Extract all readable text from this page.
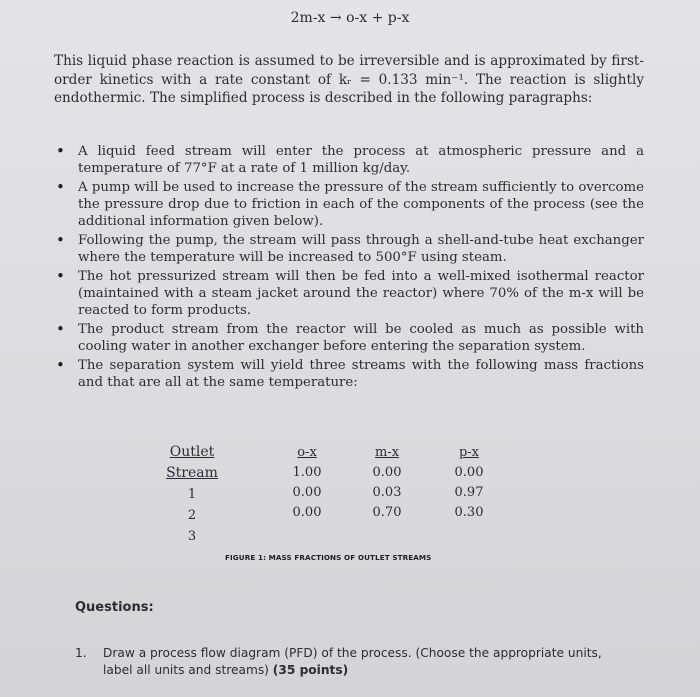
2m-x → o-x + p-x

This liquid phase reaction is assumed to be irreversible and is approximated by first-order kinetics with a rate constant of kᵣ = 0.133 min⁻¹. The reaction is slightly endothermic. The simplified process is described in the following paragraphs:

• A liquid feed stream will enter the process at atmospheric pressure and a temperature of 77°F at a rate of 1 million kg/day.
• A pump will be used to increase the pressure of the stream sufficiently to overcome the pressure drop due to friction in each of the components of the process (see the additional information given below).
• Following the pump, the stream will pass through a shell-and-tube heat exchanger where the temperature will be increased to 500°F using steam.
• The hot pressurized stream will then be fed into a well-mixed isothermal reactor (maintained with a steam jacket around the reactor) where 70% of the m-x will be reacted to form products.
• The product stream from the reactor will be cooled as much as possible with cooling water in another exchanger before entering the separation system.
• The separation system will yield three streams with the following mass fractions and that are all at the same temperature:
Outlet Stream
1
2
3
o-x
1.00
0.00
0.00
m-x
0.00
0.03
0.70
p-x
0.00
0.97
0.30
FIGURE 1: MASS FRACTIONS OF OUTLET STREAMS
Questions:
1.	Draw a process flow diagram (PFD) of the process. (Choose the appropriate units, label all units and streams) (35 points)
